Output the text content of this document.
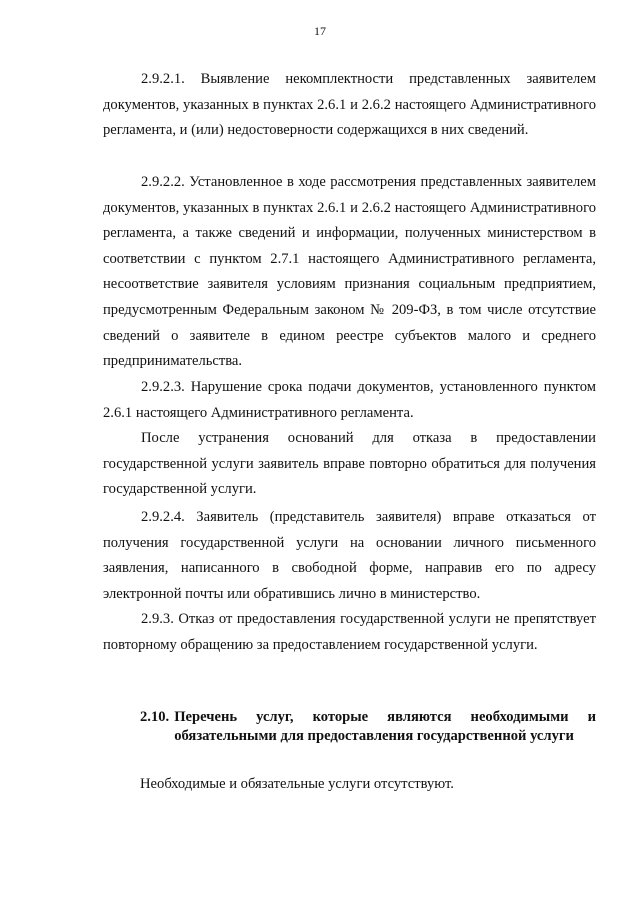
17

2.9.2.1. Выявление некомплектности представленных заявителем документов, указанных в пунктах 2.6.1 и 2.6.2 настоящего Административного регламента, и (или) недостоверности содержащихся в них сведений.

2.9.2.2. Установленное в ходе рассмотрения представленных заявителем документов, указанных в пунктах 2.6.1 и 2.6.2 настоящего Административного регламента, а также сведений и информации, полученных министерством в соответствии с пунктом 2.7.1 настоящего Административного регламента, несоответствие заявителя условиям признания социальным предприятием, предусмотренным Федеральным законом № 209-ФЗ, в том числе отсутствие сведений о заявителе в едином реестре субъектов малого и среднего предпринимательства.

2.9.2.3. Нарушение срока подачи документов, установленного пунктом 2.6.1 настоящего Административного регламента.

После устранения оснований для отказа в предоставлении государственной услуги заявитель вправе повторно обратиться для получения государственной услуги.

2.9.2.4. Заявитель (представитель заявителя) вправе отказаться от получения государственной услуги на основании личного письменного заявления, написанного в свободной форме, направив его по адресу электронной почты или обратившись лично в министерство.

2.9.3. Отказ от предоставления государственной услуги не препятствует повторному обращению за предоставлением государственной услуги.

2.10. Перечень услуг, которые являются необходимыми и обязательными для предоставления государственной услуги
Необходимые и обязательные услуги отсутствуют.
